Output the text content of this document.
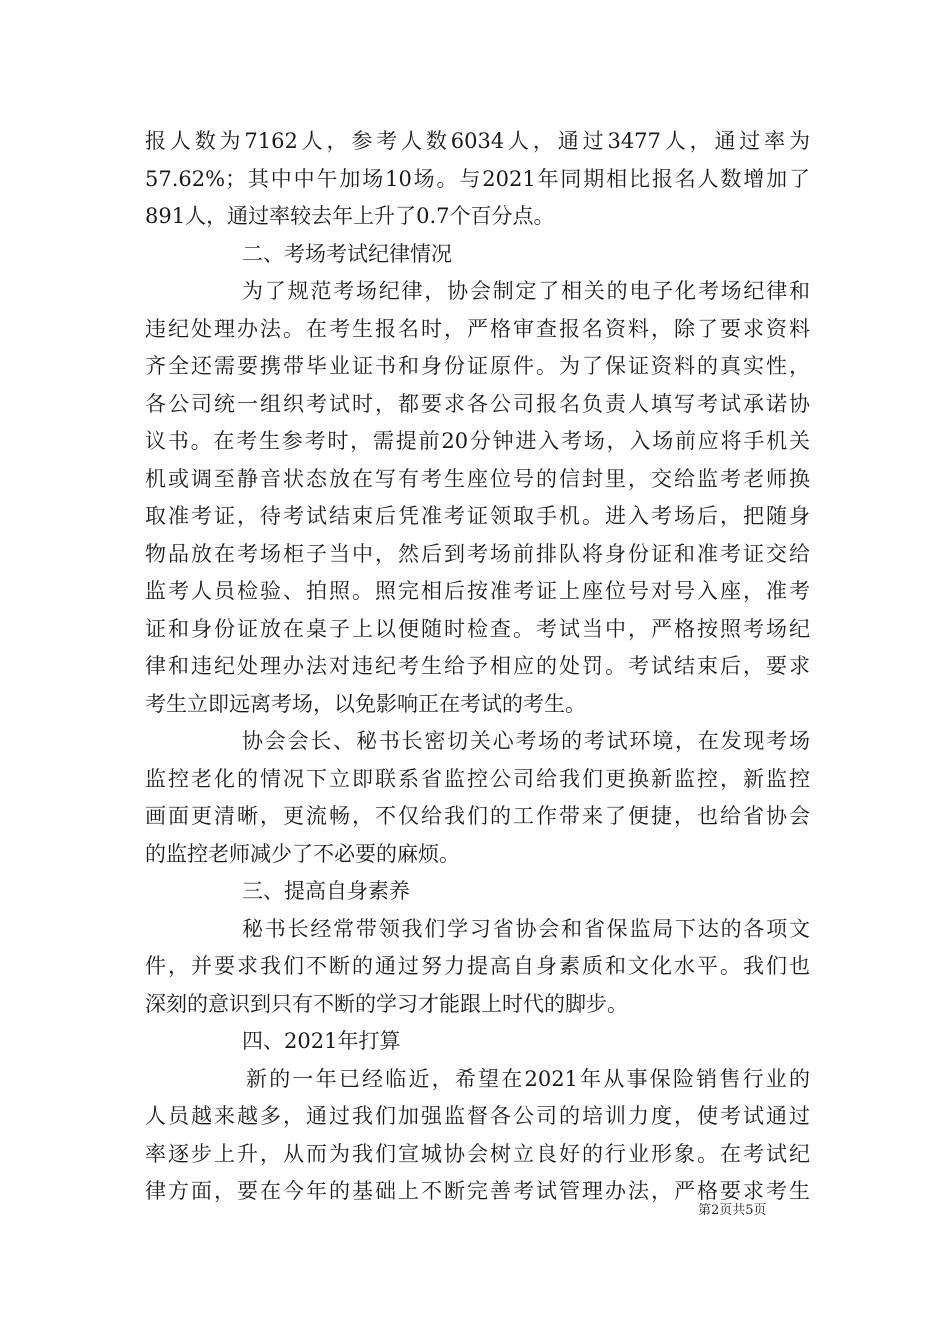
报人数为7162人，参考人数6034人，通过3477人，通过率为
57.62%；其中中午加场10场。与2021年同期相比报名人数增加了
891人，通过率较去年上升了0.7个百分点。
二、考场考试纪律情况
为了规范考场纪律，协会制定了相关的电子化考场纪律和
违纪处理办法。在考生报名时，严格审查报名资料，除了要求资料
齐全还需要携带毕业证书和身份证原件。为了保证资料的真实性，
各公司统一组织考试时，都要求各公司报名负责人填写考试承诺协
议书。在考生参考时，需提前20分钟进入考场，入场前应将手机关
机或调至静音状态放在写有考生座位号的信封里，交给监考老师换
取准考证，待考试结束后凭准考证领取手机。进入考场后，把随身
物品放在考场柜子当中，然后到考场前排队将身份证和准考证交给
监考人员检验、拍照。照完相后按准考证上座位号对号入座，准考
证和身份证放在桌子上以便随时检查。考试当中，严格按照考场纪
律和违纪处理办法对违纪考生给予相应的处罚。考试结束后，要求
考生立即远离考场，以免影响正在考试的考生。
协会会长、秘书长密切关心考场的考试环境，在发现考场
监控老化的情况下立即联系省监控公司给我们更换新监控，新监控
画面更清晰，更流畅，不仅给我们的工作带来了便捷，也给省协会
的监控老师减少了不必要的麻烦。
三、提高自身素养
秘书长经常带领我们学习省协会和省保监局下达的各项文
件，并要求我们不断的通过努力提高自身素质和文化水平。我们也
深刻的意识到只有不断的学习才能跟上时代的脚步。
四、2021年打算
新的一年已经临近，希望在2021年从事保险销售行业的
人员越来越多，通过我们加强监督各公司的培训力度，使考试通过
率逐步上升，从而为我们宣城协会树立良好的行业形象。在考试纪
律方面，要在今年的基础上不断完善考试管理办法，严格要求考生
第2页共5页
